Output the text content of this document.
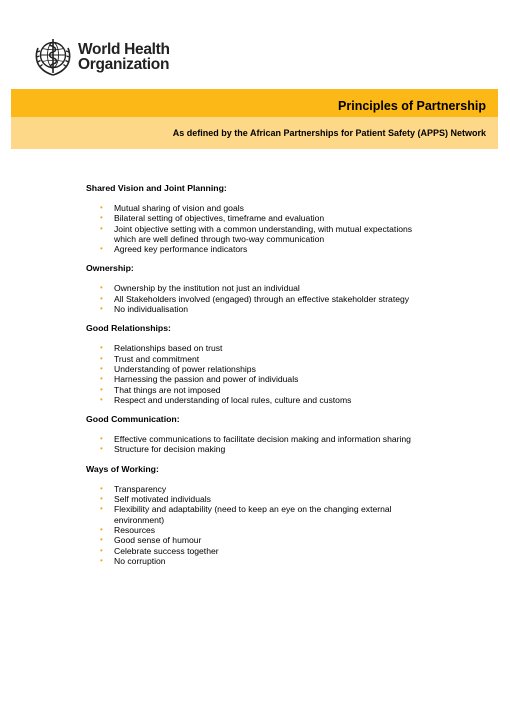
World Health
Organization
Principles of Partnership

As defined by the African Partnerships for Patient Safety (APPS) Network

Shared Vision and Joint Planning:
• Mutual sharing of vision and goals
• Bilateral setting of objectives, timeframe and evaluation
• Joint objective setting with a common understanding, with mutual expectations which are well defined through two-way communication
• Agreed key performance indicators
Ownership:
• Ownership by the institution not just an individual
• All Stakeholders involved (engaged) through an effective stakeholder strategy
• No individualisation
Good Relationships:
• Relationships based on trust
• Trust and commitment
• Understanding of power relationships
• Harnessing the passion and power of individuals
• That things are not imposed
• Respect and understanding of local rules, culture and customs
Good Communication:
• Effective communications to facilitate decision making and information sharing
• Structure for decision making
Ways of Working:
• Transparency
• Self motivated individuals
• Flexibility and adaptability (need to keep an eye on the changing external environment)
• Resources
• Good sense of humour
• Celebrate success together
• No corruption
